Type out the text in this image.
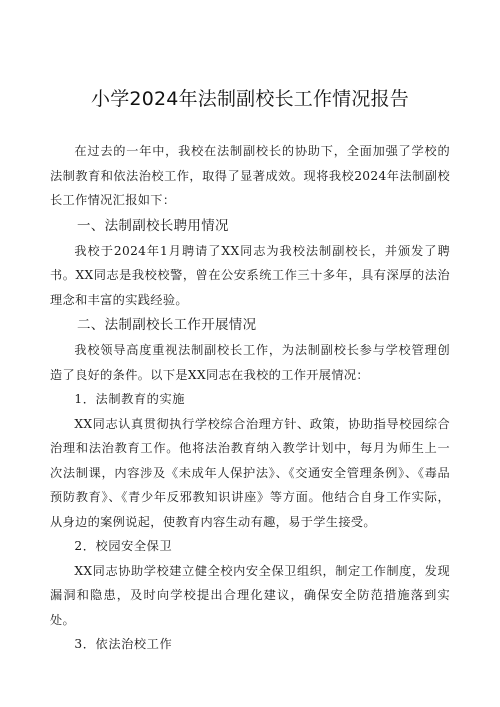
小学2024年法制副校长工作情况报告

在过去的一年中，我校在法制副校长的协助下，全面加强了学校的法制教育和依法治校工作，取得了显著成效。现将我校2024年法制副校长工作情况汇报如下：

一、法制副校长聘用情况

我校于2024年1月聘请了XX同志为我校法制副校长，并颁发了聘书。XX同志是我校校警，曾在公安系统工作三十多年，具有深厚的法治理念和丰富的实践经验。

二、法制副校长工作开展情况

我校领导高度重视法制副校长工作，为法制副校长参与学校管理创造了良好的条件。以下是XX同志在我校的工作开展情况：

1．法制教育的实施

XX同志认真贯彻执行学校综合治理方针、政策，协助指导校园综合治理和法治教育工作。他将法治教育纳入教学计划中，每月为师生上一次法制课，内容涉及《未成年人保护法》、《交通安全管理条例》、《毒品预防教育》、《青少年反邪教知识讲座》等方面。他结合自身工作实际，从身边的案例说起，使教育内容生动有趣，易于学生接受。

2．校园安全保卫

XX同志协助学校建立健全校内安全保卫组织，制定工作制度，发现漏洞和隐患，及时向学校提出合理化建议，确保安全防范措施落到实处。

3．依法治校工作
